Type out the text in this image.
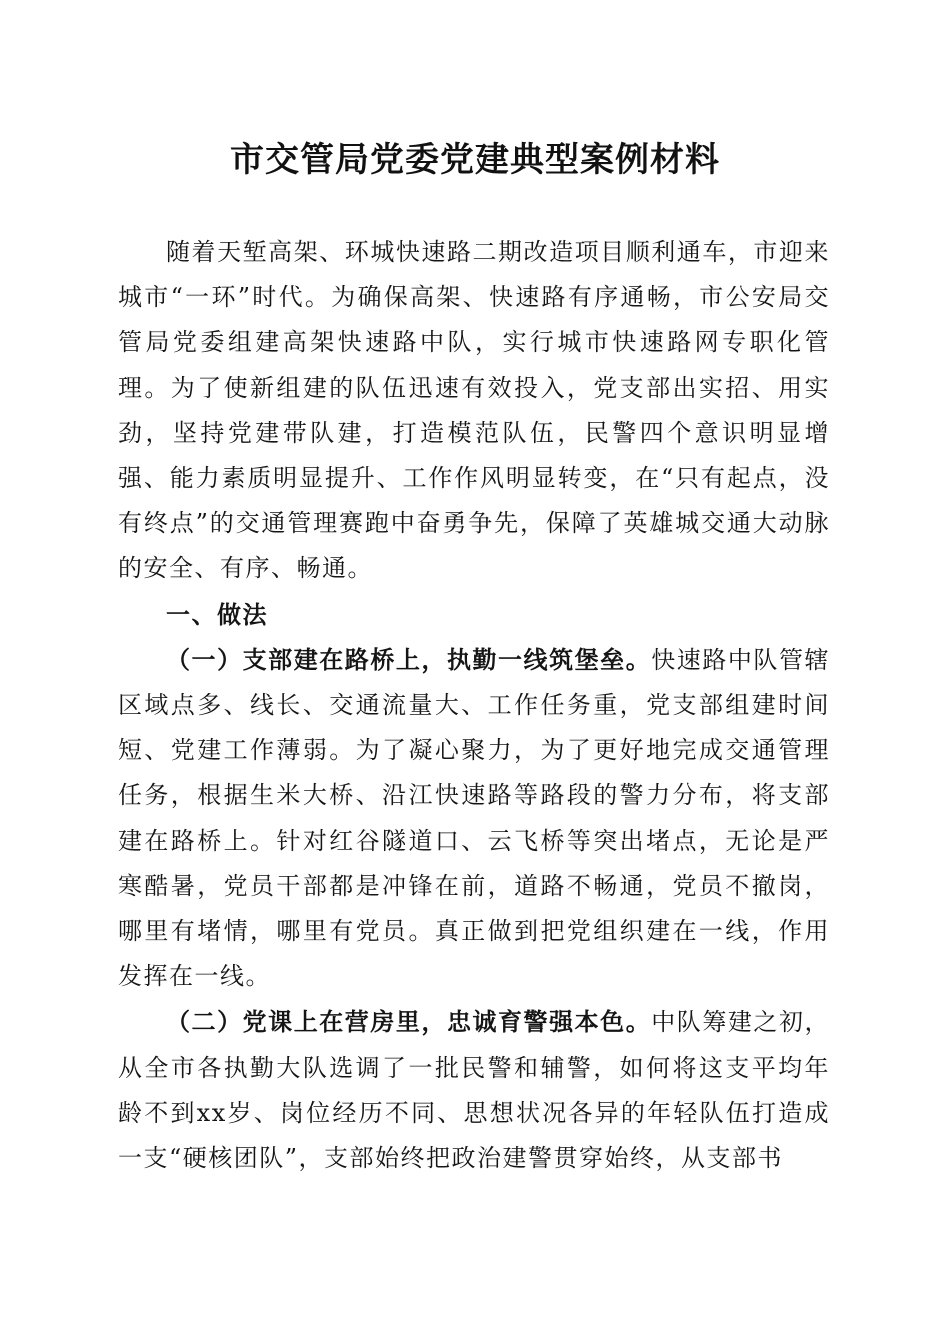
市交管局党委党建典型案例材料

随着天堑高架、环城快速路二期改造项目顺利通车，市迎来城市“一环”时代。为确保高架、快速路有序通畅，市公安局交管局党委组建高架快速路中队，实行城市快速路网专职化管理。为了使新组建的队伍迅速有效投入，党支部出实招、用实劲，坚持党建带队建，打造模范队伍，民警四个意识明显增强、能力素质明显提升、工作作风明显转变，在“只有起点，没有终点”的交通管理赛跑中奋勇争先，保障了英雄城交通大动脉的安全、有序、畅通。

一、做法

（一）支部建在路桥上，执勤一线筑堡垒。快速路中队管辖区域点多、线长、交通流量大、工作任务重，党支部组建时间短、党建工作薄弱。为了凝心聚力，为了更好地完成交通管理任务，根据生米大桥、沿江快速路等路段的警力分布，将支部建在路桥上。针对红谷隧道口、云飞桥等突出堵点，无论是严寒酷暑，党员干部都是冲锋在前，道路不畅通，党员不撤岗，哪里有堵情，哪里有党员。真正做到把党组织建在一线，作用发挥在一线。

（二）党课上在营房里，忠诚育警强本色。中队筹建之初，从全市各执勤大队选调了一批民警和辅警，如何将这支平均年龄不到xx岁、岗位经历不同、思想状况各异的年轻队伍打造成一支“硬核团队”，支部始终把政治建警贯穿始终，从支部书
